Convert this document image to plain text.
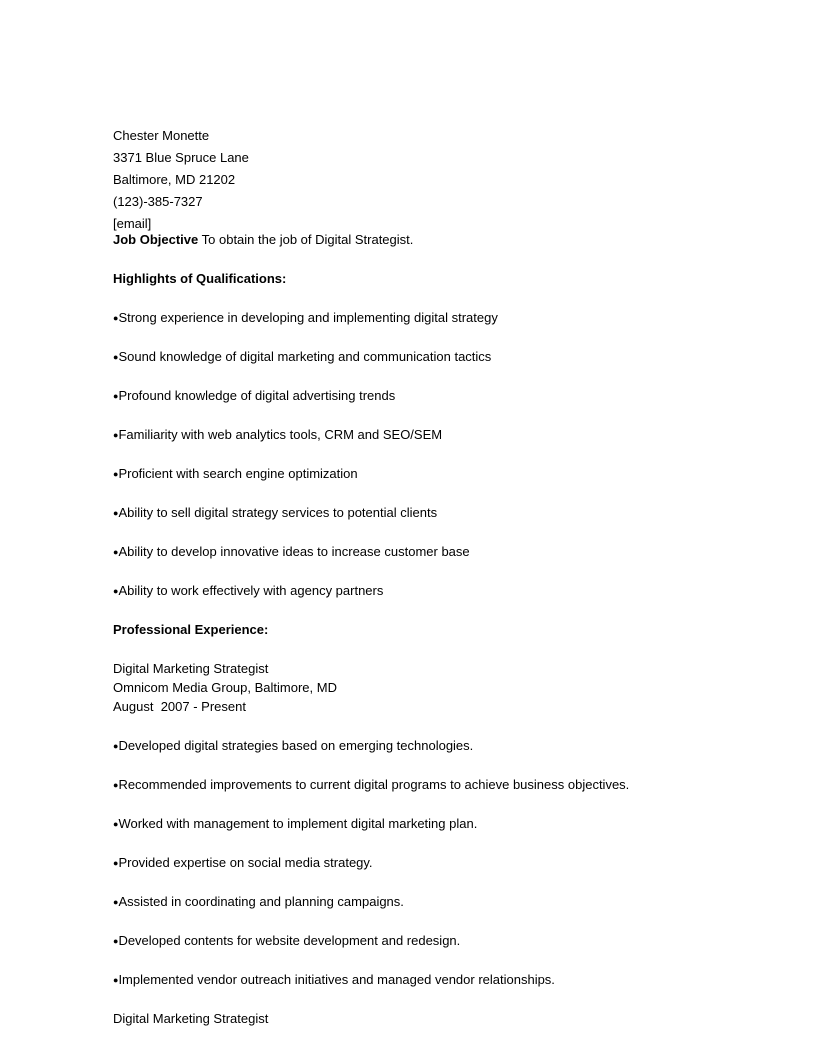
Chester Monette
3371 Blue Spruce Lane
Baltimore, MD 21202
(123)-385-7327
[email]
Job Objective To obtain the job of Digital Strategist.
Highlights of Qualifications:
●Strong experience in developing and implementing digital strategy
●Sound knowledge of digital marketing and communication tactics
●Profound knowledge of digital advertising trends
●Familiarity with web analytics tools, CRM and SEO/SEM
●Proficient with search engine optimization
●Ability to sell digital strategy services to potential clients
●Ability to develop innovative ideas to increase customer base
●Ability to work effectively with agency partners
Professional Experience:
Digital Marketing Strategist
Omnicom Media Group, Baltimore, MD
August  2007 - Present
●Developed digital strategies based on emerging technologies.
●Recommended improvements to current digital programs to achieve business objectives.
●Worked with management to implement digital marketing plan.
●Provided expertise on social media strategy.
●Assisted in coordinating and planning campaigns.
●Developed contents for website development and redesign.
●Implemented vendor outreach initiatives and managed vendor relationships.
Digital Marketing Strategist
